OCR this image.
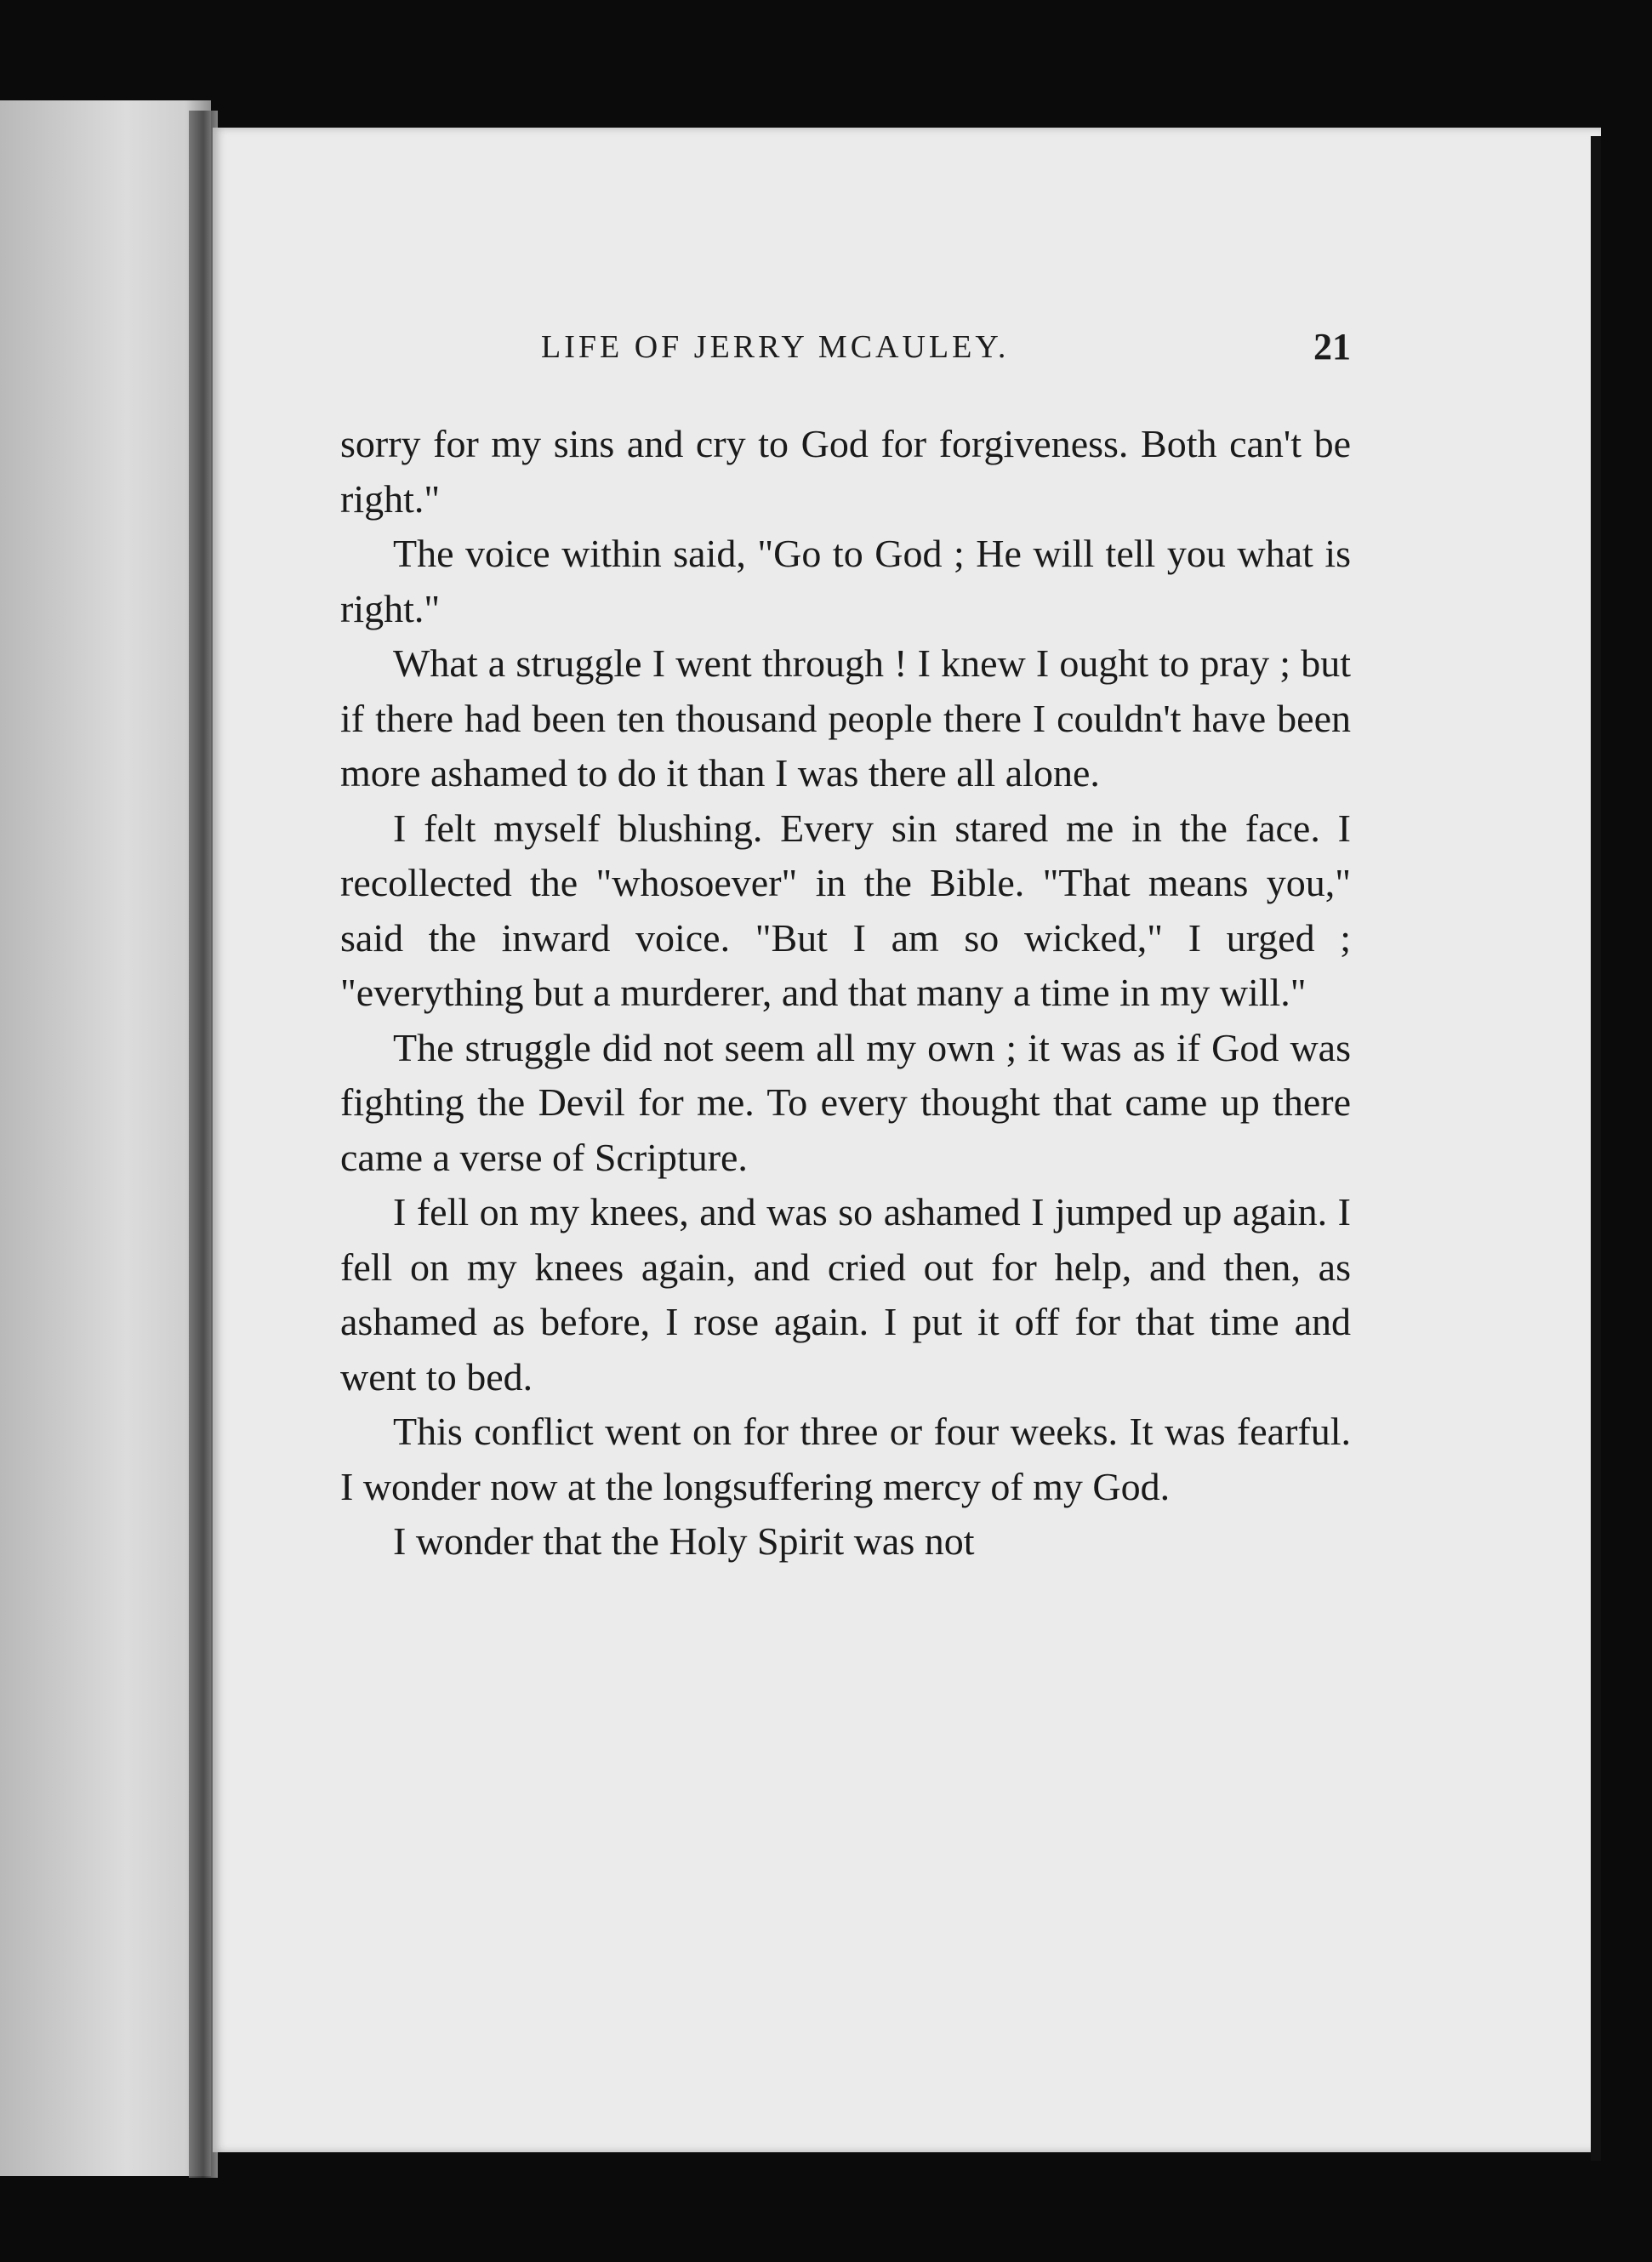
LIFE OF JERRY MCAULEY.	21

sorry for my sins and cry to God for forgiveness. Both can't be right."

The voice within said, "Go to God ; He will tell you what is right."

What a struggle I went through ! I knew I ought to pray ; but if there had been ten thousand people there I couldn't have been more ashamed to do it than I was there all alone.

I felt myself blushing. Every sin stared me in the face. I recollected the "whosoever" in the Bible. "That means you," said the inward voice. "But I am so wicked," I urged ; "everything but a murderer, and that many a time in my will."

The struggle did not seem all my own ; it was as if God was fighting the Devil for me. To every thought that came up there came a verse of Scripture.

I fell on my knees, and was so ashamed I jumped up again. I fell on my knees again, and cried out for help, and then, as ashamed as before, I rose again. I put it off for that time and went to bed.

This conflict went on for three or four weeks. It was fearful. I wonder now at the longsuffering mercy of my God.

I wonder that the Holy Spirit was not
